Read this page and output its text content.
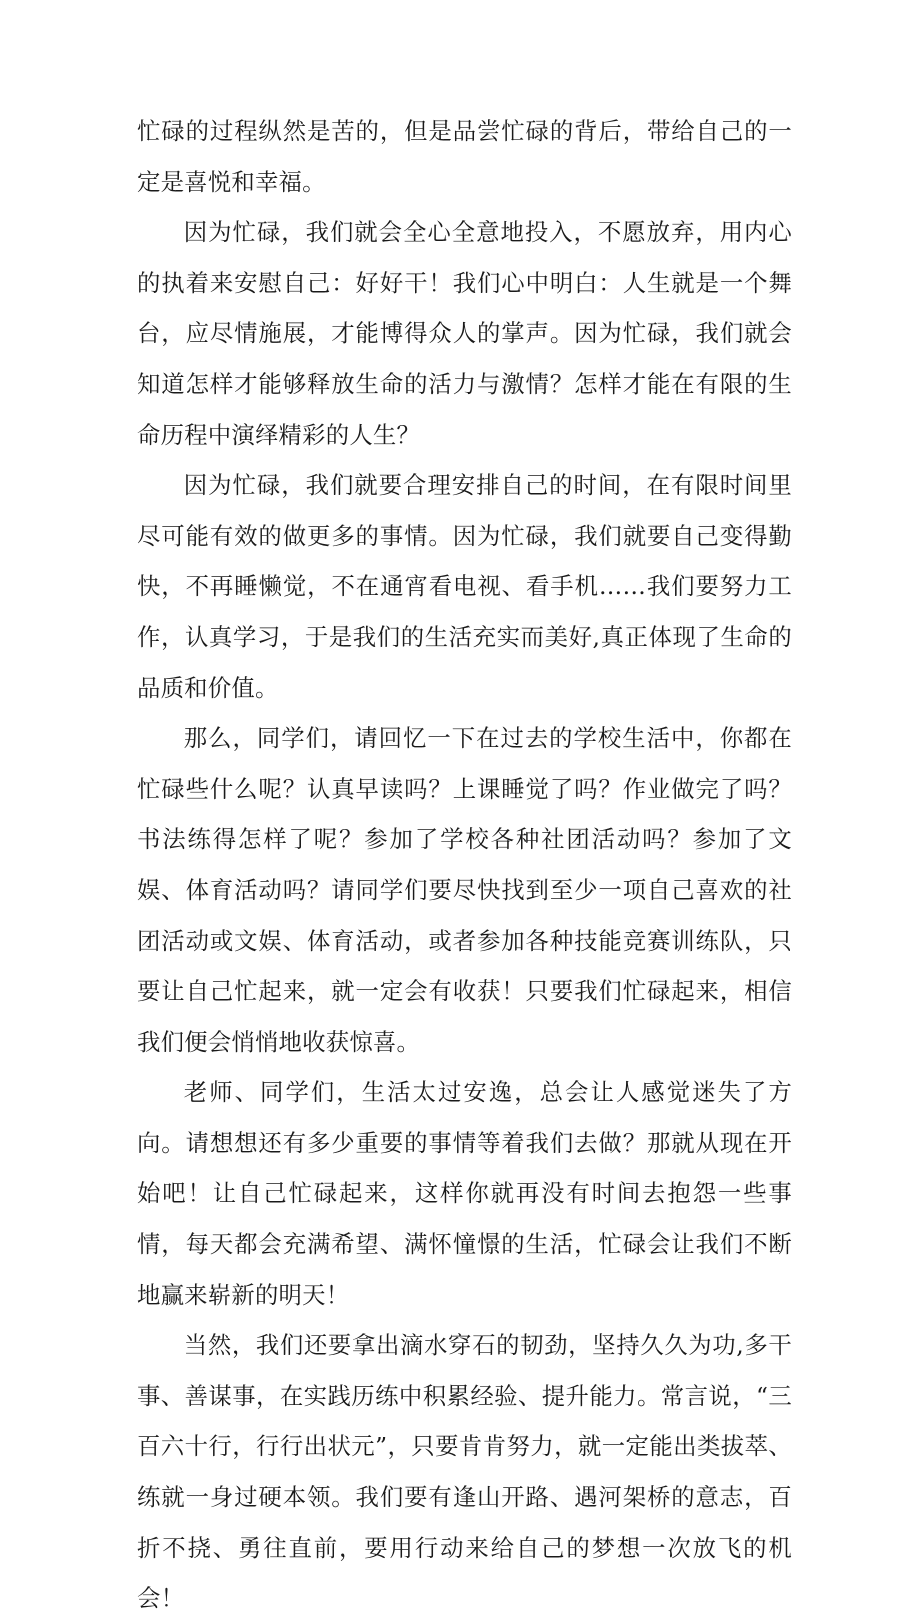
忙碌的过程纵然是苦的，但是品尝忙碌的背后，带给自己的一定是喜悦和幸福。

因为忙碌，我们就会全心全意地投入，不愿放弃，用内心的执着来安慰自己：好好干！我们心中明白：人生就是一个舞台，应尽情施展，才能博得众人的掌声。因为忙碌，我们就会知道怎样才能够释放生命的活力与激情？怎样才能在有限的生命历程中演绎精彩的人生？

因为忙碌，我们就要合理安排自己的时间，在有限时间里尽可能有效的做更多的事情。因为忙碌，我们就要自己变得勤快，不再睡懒觉，不在通宵看电视、看手机……我们要努力工作，认真学习，于是我们的生活充实而美好,真正体现了生命的品质和价值。

那么，同学们，请回忆一下在过去的学校生活中，你都在忙碌些什么呢？认真早读吗？上课睡觉了吗？作业做完了吗？书法练得怎样了呢？参加了学校各种社团活动吗？参加了文娱、体育活动吗？请同学们要尽快找到至少一项自己喜欢的社团活动或文娱、体育活动，或者参加各种技能竞赛训练队，只要让自己忙起来，就一定会有收获！只要我们忙碌起来，相信我们便会悄悄地收获惊喜。

老师、同学们，生活太过安逸，总会让人感觉迷失了方向。请想想还有多少重要的事情等着我们去做？那就从现在开始吧！让自己忙碌起来，这样你就再没有时间去抱怨一些事情，每天都会充满希望、满怀憧憬的生活，忙碌会让我们不断地赢来崭新的明天！

当然，我们还要拿出滴水穿石的韧劲，坚持久久为功,多干事、善谋事，在实践历练中积累经验、提升能力。常言说，“三百六十行，行行出状元”，只要肯肯努力，就一定能出类拔萃、练就一身过硬本领。我们要有逢山开路、遇河架桥的意志，百折不挠、勇往直前，要用行动来给自己的梦想一次放飞的机会！
